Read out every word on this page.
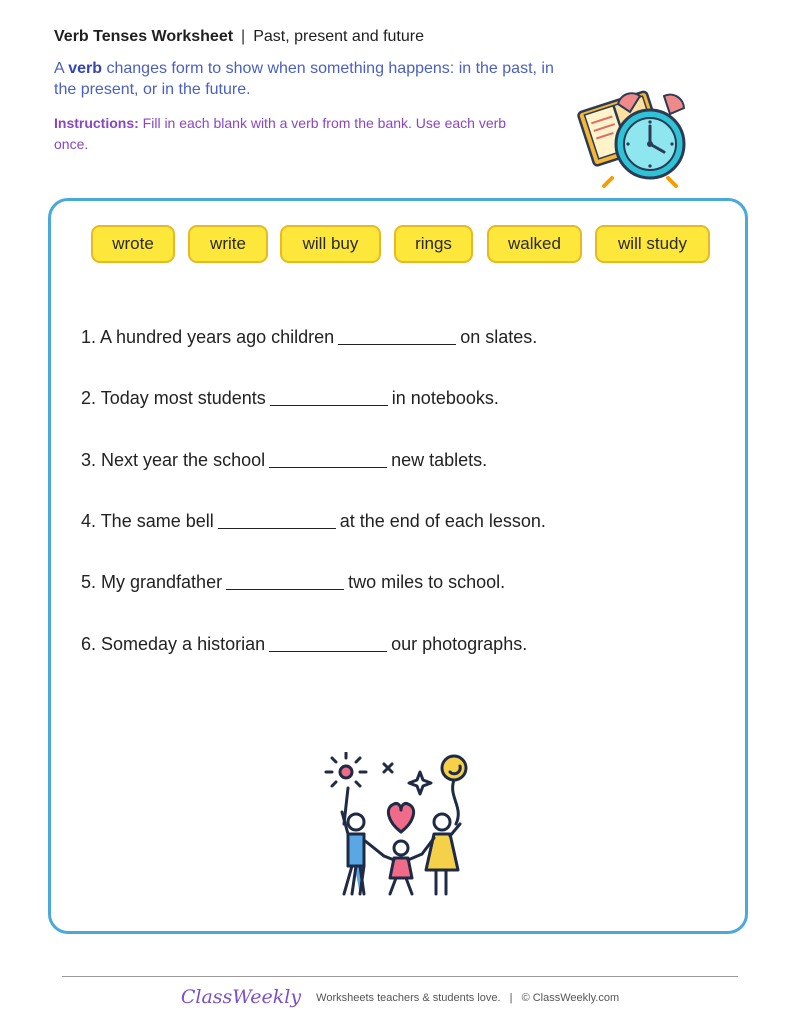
Verb Tenses Worksheet | Past, present and future
A verb changes form to show when something happens: in the past, in the present, or in the future.
Instructions: Fill in each blank with a verb from the bank. Use each verb once.
wrote	write	will buy	rings	walked	will study
1. A hundred years ago children	on slates.
2. Today most students	in notebooks.
3. Next year the school	new tablets.
4. The same bell	at the end of each lesson.
5. My grandfather	two miles to school.
6. Someday a historian	our photographs.
ClassWeekly Worksheets teachers & students love. | © ClassWeekly.com
